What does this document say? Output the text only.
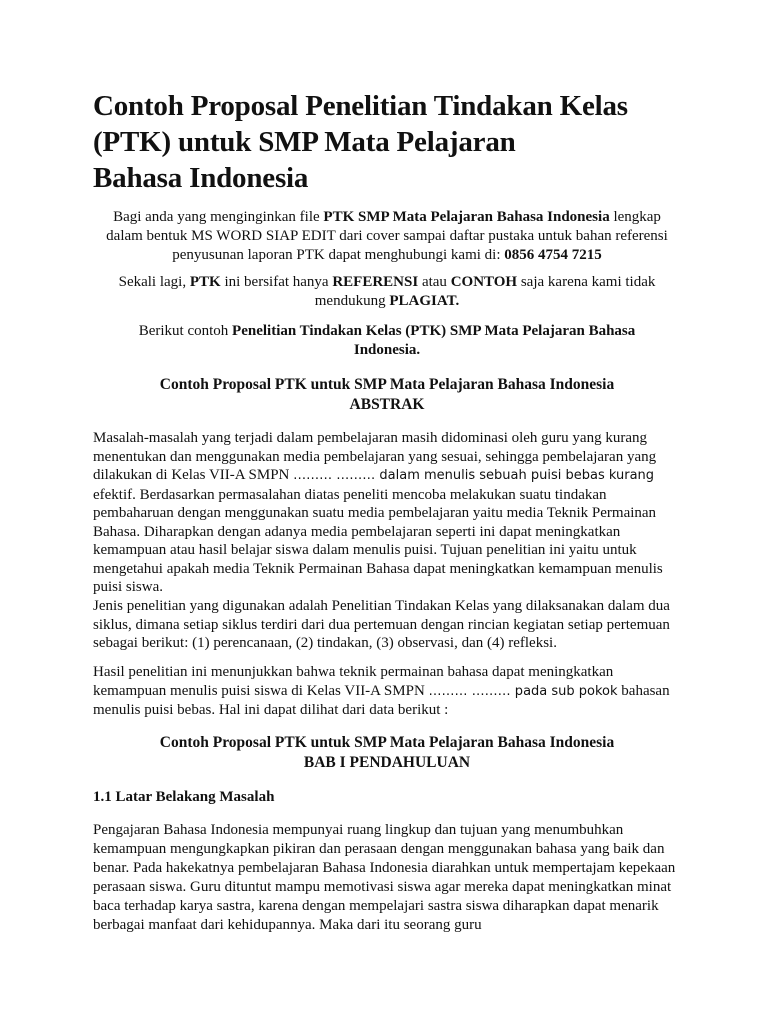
Contoh Proposal Penelitian Tindakan Kelas
(PTK) untuk SMP Mata Pelajaran
Bahasa Indonesia

Bagi anda yang menginginkan file PTK SMP Mata Pelajaran Bahasa Indonesia lengkap dalam bentuk MS WORD SIAP EDIT dari cover sampai daftar pustaka untuk bahan referensi penyusunan laporan PTK dapat menghubungi kami di: 0856 4754 7215

Sekali lagi, PTK ini bersifat hanya REFERENSI atau CONTOH saja karena kami tidak mendukung PLAGIAT.

Berikut contoh Penelitian Tindakan Kelas (PTK) SMP Mata Pelajaran Bahasa Indonesia.

Contoh Proposal PTK untuk SMP Mata Pelajaran Bahasa Indonesia
ABSTRAK

Masalah-masalah yang terjadi dalam pembelajaran masih didominasi oleh guru yang kurang menentukan dan menggunakan media pembelajaran yang sesuai, sehingga pembelajaran yang dilakukan di Kelas VII-A SMPN ……… ……… dalam menulis sebuah puisi bebas kurang efektif. Berdasarkan permasalahan diatas peneliti mencoba melakukan suatu tindakan pembaharuan dengan menggunakan suatu media pembelajaran yaitu media Teknik Permainan Bahasa. Diharapkan dengan adanya media pembelajaran seperti ini dapat meningkatkan kemampuan atau hasil belajar siswa dalam menulis puisi. Tujuan penelitian ini yaitu untuk mengetahui apakah media Teknik Permainan Bahasa dapat meningkatkan kemampuan menulis puisi siswa.

Jenis penelitian yang digunakan adalah Penelitian Tindakan Kelas yang dilaksanakan dalam dua siklus, dimana setiap siklus terdiri dari dua pertemuan dengan rincian kegiatan setiap pertemuan sebagai berikut: (1) perencanaan, (2) tindakan, (3) observasi, dan (4) refleksi.

Hasil penelitian ini menunjukkan bahwa teknik permainan bahasa dapat meningkatkan kemampuan menulis puisi siswa di Kelas VII-A SMPN ……… ……… pada sub pokok bahasan menulis puisi bebas. Hal ini dapat dilihat dari data berikut :

Contoh Proposal PTK untuk SMP Mata Pelajaran Bahasa Indonesia
BAB I PENDAHULUAN

1.1 Latar Belakang Masalah

Pengajaran Bahasa Indonesia mempunyai ruang lingkup dan tujuan yang menumbuhkan kemampuan mengungkapkan pikiran dan perasaan dengan menggunakan bahasa yang baik dan benar. Pada hakekatnya pembelajaran Bahasa Indonesia diarahkan untuk mempertajam kepekaan perasaan siswa. Guru dituntut mampu memotivasi siswa agar mereka dapat meningkatkan minat baca terhadap karya sastra, karena dengan mempelajari sastra siswa diharapkan dapat menarik berbagai manfaat dari kehidupannya. Maka dari itu seorang guru
